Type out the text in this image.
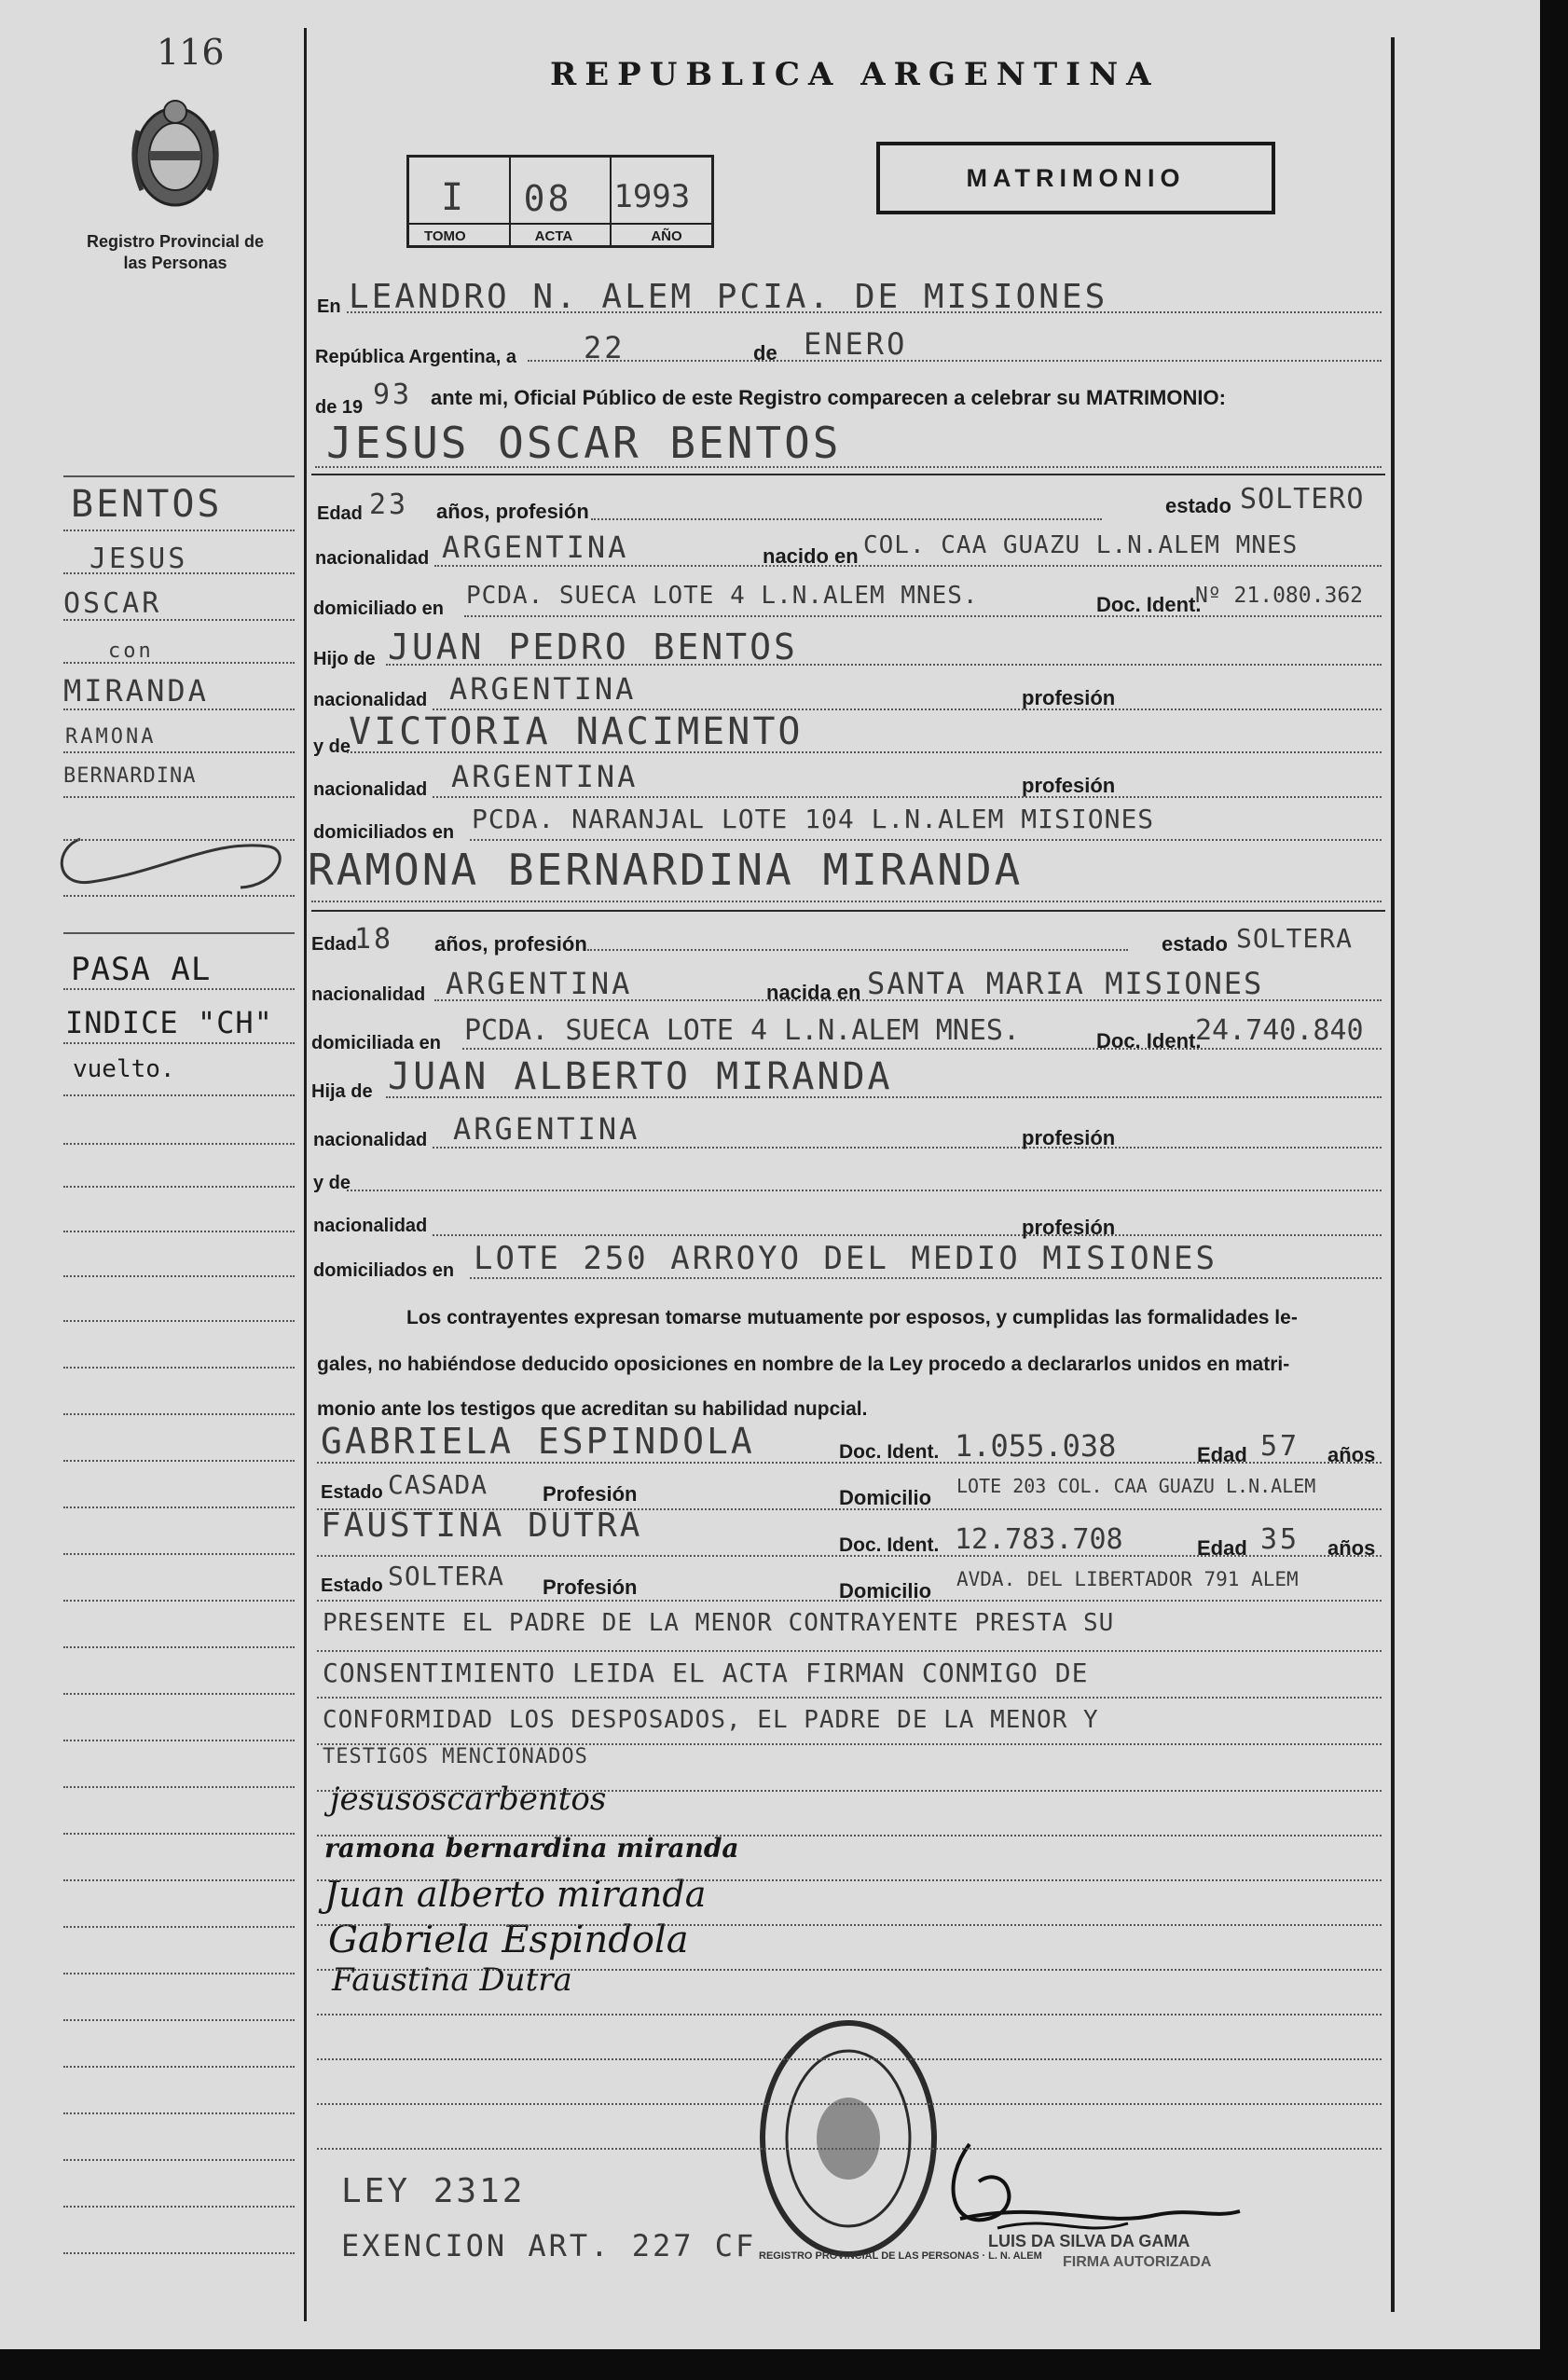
116
Registro Provincial de las Personas
REPUBLICA ARGENTINA
MATRIMONIO
I
TOMO
08
ACTA
1993
AÑO
En LEANDRO N. ALEM PCIA. DE MISIONES
República Argentina, a 22	de ENERO
de 19 93 ante mi, Oficial Público de este Registro comparecen a celebrar su MATRIMONIO:
JESUS OSCAR BENTOS
Edad 23 años, profesión	estado SOLTERO
nacionalidad ARGENTINA	nacido en COL. CAA GUAZU L.N.ALEM MNES
domiciliado en PCDA. SUECA LOTE 4 L.N.ALEM MNES.	Doc. Ident.
Nº 21.080.362
Hijo de JUAN PEDRO BENTOS
nacionalidad ARGENTINA	profesión
y de
VICTORIA NACIMENTO
nacionalidad ARGENTINA	profesión
domiciliados en PCDA. NARANJAL LOTE 104 L.N.ALEM MISIONES
RAMONA BERNARDINA MIRANDA
Edad
18 años, profesión	estado SOLTERA
nacionalidad ARGENTINA	nacida en SANTA MARIA MISIONES
domiciliada en PCDA. SUECA LOTE 4 L.N.ALEM MNES.	Doc. Ident.
24.740.840
Hija de JUAN ALBERTO MIRANDA
nacionalidad ARGENTINA	profesión
y de
nacionalidad	profesión
domiciliados en LOTE 250 ARROYO DEL MEDIO MISIONES
Los contrayentes expresan tomarse mutuamente por esposos, y cumplidas las formalidades le-
gales, no habiéndose deducido oposiciones en nombre de la Ley procedo a declararlos unidos en matri-
monio ante los testigos que acreditan su habilidad nupcial.
GABRIELA ESPINDOLA	Doc. Ident. 1.055.038	Edad 57 años
Estado CASADA	Profesión	Domicilio LOTE 203 COL. CAA GUAZU L.N.ALEM
FAUSTINA DUTRA
Doc. Ident. 12.783.708	Edad 35 años
Estado SOLTERA Profesión	Domicilio AVDA. DEL LIBERTADOR 791 ALEM
PRESENTE EL PADRE DE LA MENOR CONTRAYENTE PRESTA SU
CONSENTIMIENTO LEIDA EL ACTA FIRMAN CONMIGO DE
CONFORMIDAD LOS DESPOSADOS, EL PADRE DE LA MENOR Y
TESTIGOS MENCIONADOS
jesusoscarbentos
ramona bernardina miranda
Juan alberto miranda
Gabriela Espindola
Faustina Dutra
LEY 2312
EXENCION ART. 227 CF REGISTRO PROVINCIAL DE LAS PERSONAS · L. N. ALEM
LUIS DA SILVA DA GAMA
FIRMA AUTORIZADA
BENTOS
JESUS
OSCAR
con
MIRANDA
RAMONA
BERNARDINA
PASA AL
INDICE "CH"
vuelto.
